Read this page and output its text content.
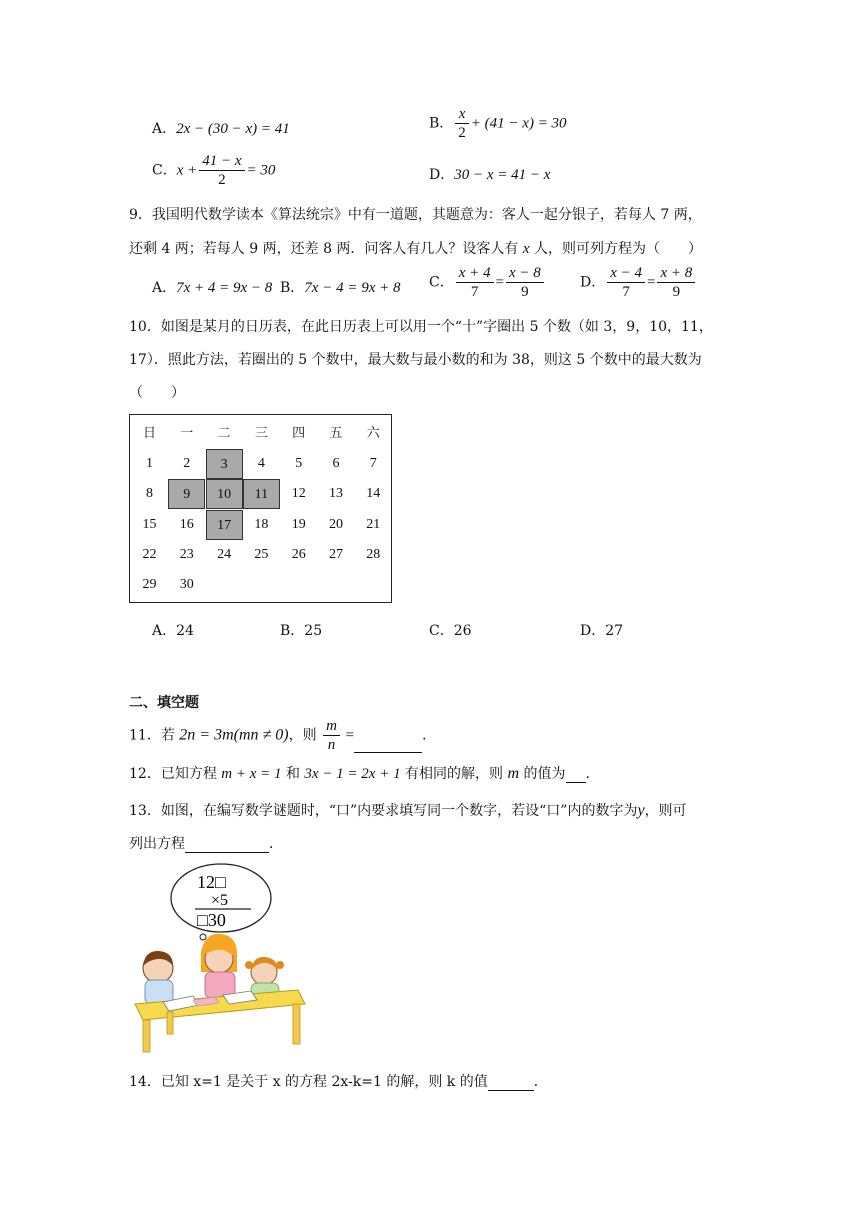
A．2x − (30 − x) = 41	B． $\frac{x}{2} + (41 - x) = 30$
C．$x + \frac{41 - x}{2} = 30$	D．30 − x = 41 − x
9．我国明代数学读本《算法统宗》中有一道题，其题意为：客人一起分银子，若每人 7 两，
还剩 4 两；若每人 9 两，还差 8 两．问客人有几人？设客人有 x 人，则可列方程为（　　）
A．7x + 4 = 9x − 8 B．7x − 4 = 9x + 8 C． $\frac{x + 4}{7} = \frac{x - 8}{9}$	D． $\frac{x - 4}{7} = \frac{x + 8}{9}$
10．如图是某月的日历表，在此日历表上可以用一个“十”字圈出 5 个数（如 3，9，10，11，
17）．照此方法，若圈出的 5 个数中，最大数与最小数的和为 38，则这 5 个数中的最大数为
（　　）
日	一	二	三	四	五	六
1	2	3	4	5	6	7
8	9	10	11	12	13	14
15	16	17	18	19	20	21
22	23	24	25	26	27	28
29	30
A．24	B．25	C．26	D．27
二、填空题
11．若 2n = 3m(mn ≠ 0)，则 $\frac{m}{n}$ =	．
12．已知方程 m + x = 1 和 3x − 1 = 2x + 1 有相同的解，则 m 的值为 ．
13．如图，在编写数学谜题时，“口”内要求填写同一个数字，若设“口”内的数字为y，则可
列出方程	．
12□
×5
□30
14．已知 x=1 是关于 x 的方程 2x-k=1 的解，则 k 的值	．
